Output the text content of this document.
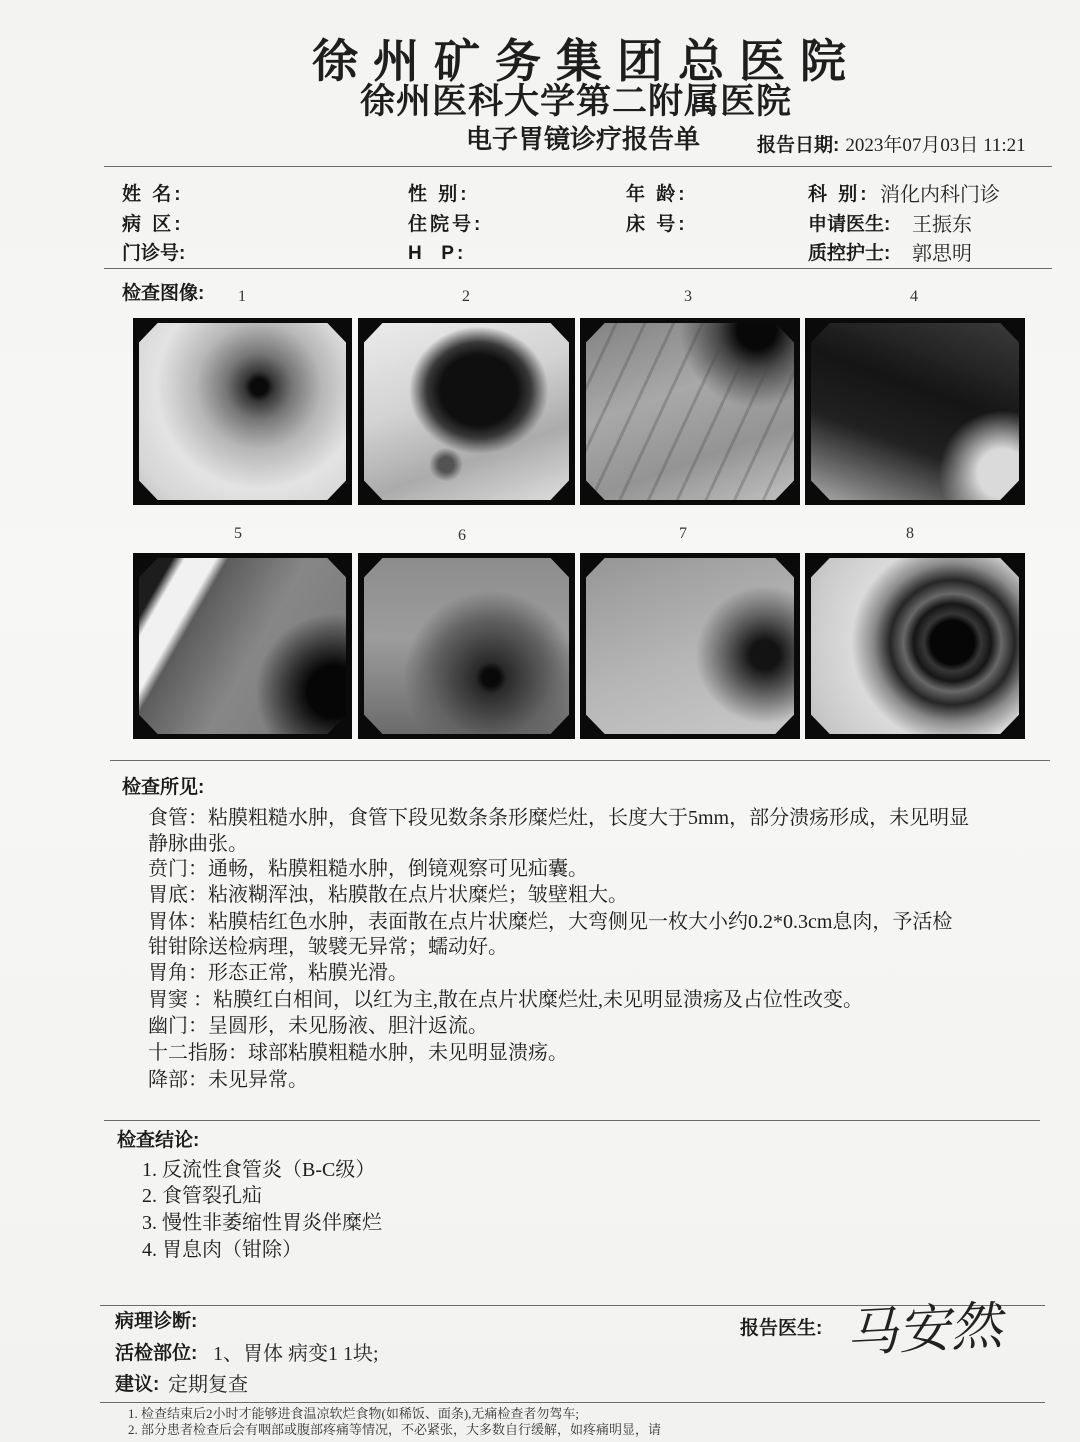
徐州矿务集团总医院
徐州医科大学第二附属医院
电子胃镜诊疗报告单	报告日期: 2023年07月03日 11:21
姓 名:	性 别:	年 龄:	科 别: 消化内科门诊
病 区:	住院号:	床 号:	申请医生: 王振东
门诊号:	H  P:	质控护士: 郭思明
检查图像:	1	2	3	4
5	6	7	8
检查所见:
食管：粘膜粗糙水肿，食管下段见数条条形糜烂灶，长度大于5mm，部分溃疡形成，未见明显
静脉曲张。
贲门：通畅，粘膜粗糙水肿，倒镜观察可见疝囊。
胃底：粘液糊浑浊，粘膜散在点片状糜烂；皱壁粗大。
胃体：粘膜桔红色水肿，表面散在点片状糜烂，大弯侧见一枚大小约0.2*0.3cm息肉，予活检
钳钳除送检病理，皱襞无异常；蠕动好。
胃角：形态正常，粘膜光滑。
胃窦 ：粘膜红白相间，以红为主,散在点片状糜烂灶,未见明显溃疡及占位性改变。
幽门：呈圆形，未见肠液、胆汁返流。
十二指肠：球部粘膜粗糙水肿，未见明显溃疡。
降部：未见异常。
检查结论:
1. 反流性食管炎（B-C级）
2. 食管裂孔疝
3. 慢性非萎缩性胃炎伴糜烂
4. 胃息肉（钳除）
病理诊断:	报告医生: 马安然
活检部位: 1、胃体 病变1 1块;
建议: 定期复查
1. 检查结束后2小时才能够进食温凉软烂食物(如稀饭、面条),无痛检查者勿驾车;
2. 部分患者检查后会有咽部或腹部疼痛等情况，不必紧张，大多数自行缓解，如疼痛明显，请
